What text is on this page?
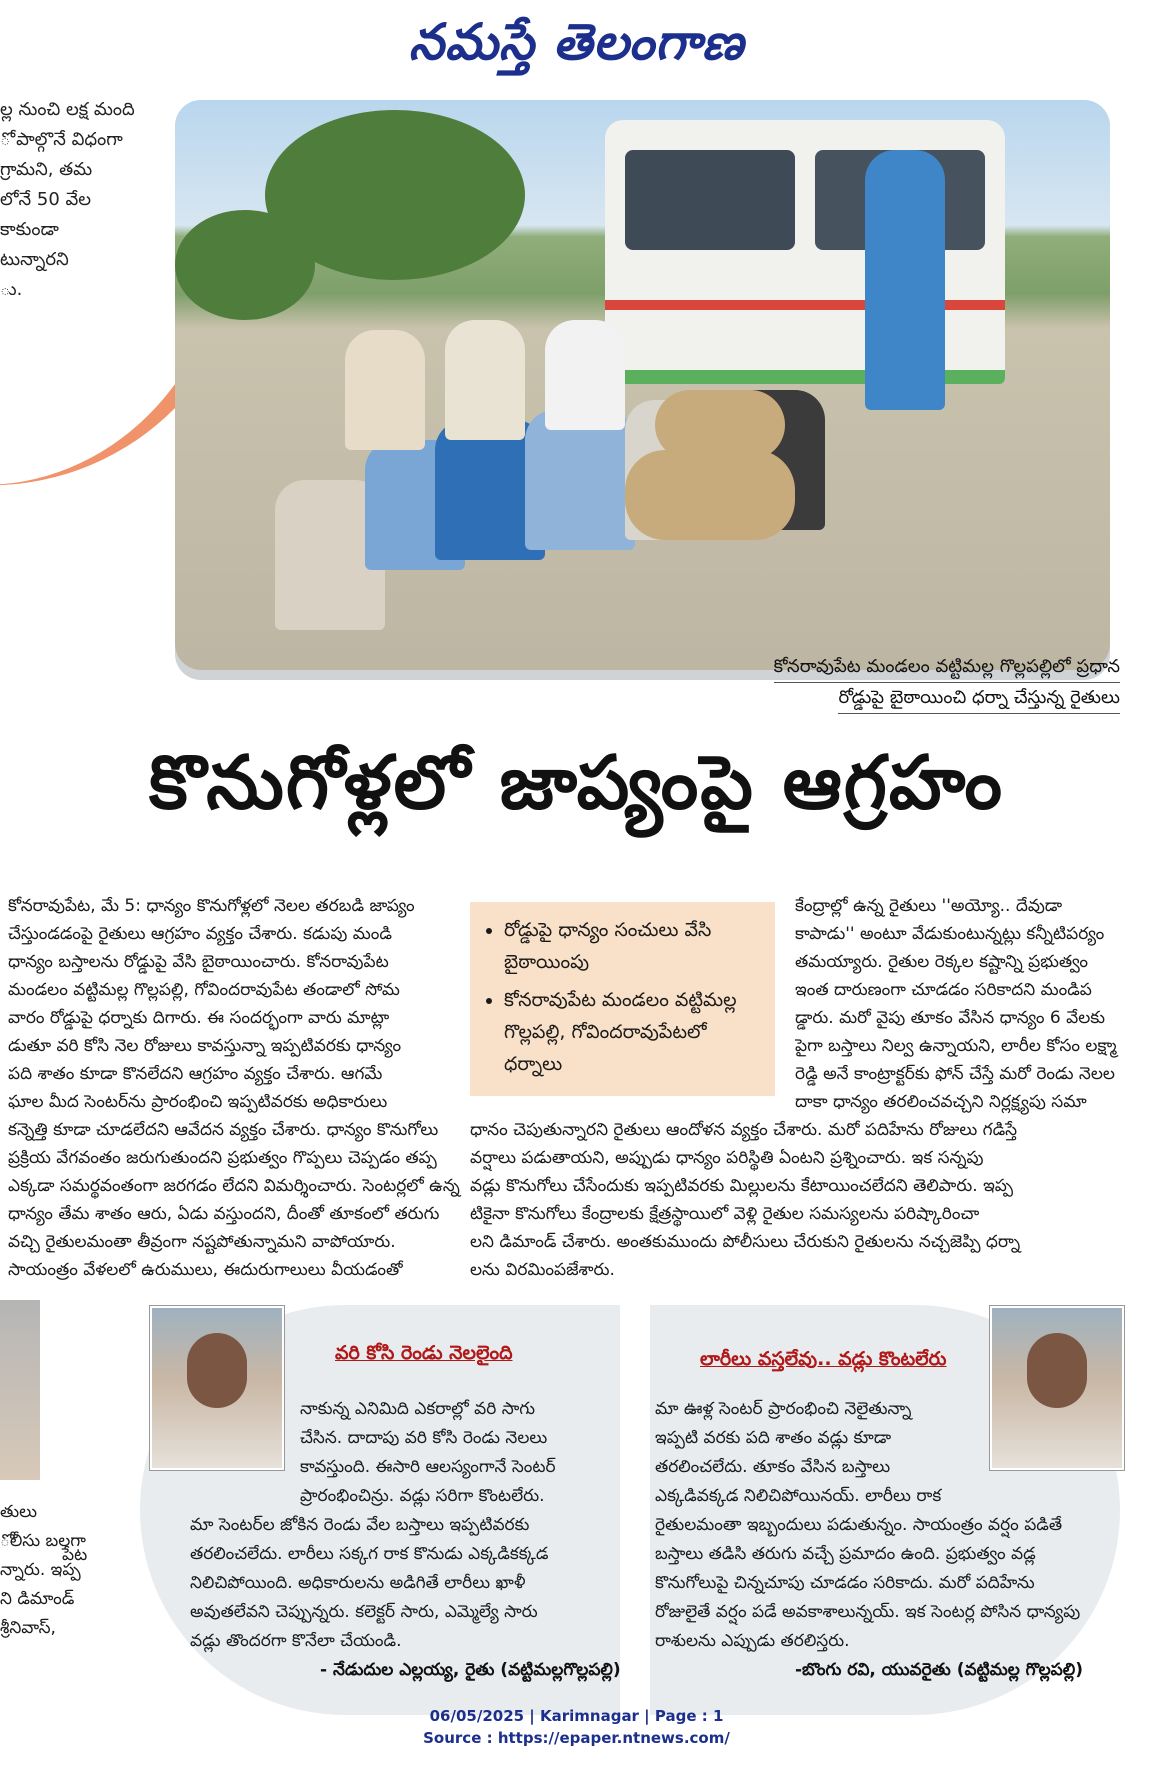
నమస్తే తెలంగాణ
ల్ల నుంచి లక్ష మంది
ో పాల్గొనే విధంగా
గ్రామని, తమ
లోనే 50 వేల
కాకుండా
టున్నారని
ు.
కోనరావుపేట మండలం వట్టిమల్ల గొల్లపల్లిలో ప్రధాన
రోడ్డుపై బైఠాయించి ధర్నా చేస్తున్న రైతులు
కొనుగోళ్లలో జాప్యంపై ఆగ్రహం
కోనరావుపేట, మే 5: ధాన్యం కొనుగోళ్లలో నెలల తరబడి జాప్యం
చేస్తుండడంపై రైతులు ఆగ్రహం వ్యక్తం చేశారు. కడుపు మండి
ధాన్యం బస్తాలను రోడ్డుపై వేసి బైఠాయించారు. కోనరావుపేట
మండలం వట్టిమల్ల గొల్లపల్లి, గోవిందరావుపేట తండాలో సోమ
వారం రోడ్డుపై ధర్నాకు దిగారు. ఈ సందర్భంగా వారు మాట్లా
డుతూ వరి కోసి నెల రోజులు కావస్తున్నా ఇప్పటివరకు ధాన్యం
పది శాతం కూడా కొనలేదని ఆగ్రహం వ్యక్తం చేశారు. ఆగమే
ఘాల మీద సెంటర్‌ను ప్రారంభించి ఇప్పటివరకు అధికారులు
కన్నెత్తి కూడా చూడలేదని ఆవేదన వ్యక్తం చేశారు. ధాన్యం కొనుగోలు
ప్రక్రియ వేగవంతం జరుగుతుందని ప్రభుత్వం గొప్పలు చెప్పడం తప్ప
ఎక్కడా సమర్థవంతంగా జరగడం లేదని విమర్శించారు. సెంటర్లలో ఉన్న
ధాన్యం తేమ శాతం ఆరు, ఏడు వస్తుందని, దీంతో తూకంలో తరుగు
వచ్చి రైతులమంతా తీవ్రంగా నష్టపోతున్నామని వాపోయారు.
సాయంత్రం వేళలలో ఉరుములు, ఈదురుగాలులు వీయడంతో
• రోడ్డుపై ధాన్యం సంచులు వేసి బైఠాయింపు
• కోనరావుపేట మండలం వట్టిమల్ల గొల్లపల్లి, గోవిందరావుపేటలో ధర్నాలు
కేంద్రాల్లో ఉన్న రైతులు ''అయ్యో.. దేవుడా
కాపాడు'' అంటూ వేడుకుంటున్నట్లు కన్నీటిపర్యం
తమయ్యారు. రైతుల రెక్కల కష్టాన్ని ప్రభుత్వం
ఇంత దారుణంగా చూడడం సరికాదని మండిప
డ్డారు. మరో వైపు తూకం వేసిన ధాన్యం 6 వేలకు
పైగా బస్తాలు నిల్వ ఉన్నాయని, లారీల కోసం లక్ష్మా
రెడ్డి అనే కాంట్రాక్టర్‌కు ఫోన్ చేస్తే మరో రెండు నెలల
దాకా ధాన్యం తరలించవచ్చని నిర్లక్ష్యపు సమా
ధానం చెపుతున్నారని రైతులు ఆందోళన వ్యక్తం చేశారు. మరో పదిహేను రోజులు గడిస్తే
వర్షాలు పడుతాయని, అప్పుడు ధాన్యం పరిస్థితి ఏంటని ప్రశ్నించారు. ఇక సన్నపు
వడ్లు కొనుగోలు చేసేందుకు ఇప్పటివరకు మిల్లులను కేటాయించలేదని తెలిపారు. ఇప్ప
టికైనా కొనుగోలు కేంద్రాలకు క్షేత్రస్థాయిలో వెళ్లి రైతుల సమస్యలను పరిష్కారించా
లని డిమాండ్ చేశారు. అంతకుముందు పోలీసులు చేరుకుని రైతులను నచ్చజెప్పి ధర్నా
లను విరమింపజేశారు.
వరి కోసి రెండు నెలలైంది	లారీలు వస్తలేవు.. వడ్లు కొంటలేరు
నాకున్న ఎనిమిది ఎకరాల్లో వరి సాగు
చేసిన. దాదాపు వరి కోసి రెండు నెలలు
కావస్తుంది. ఈసారి ఆలస్యంగానే సెంటర్
ప్రారంభించిన్రు. వడ్లు సరిగా కొంటలేరు.
మా సెంటర్‌ల జోకిన రెండు వేల బస్తాలు ఇప్పటివరకు
తరలించలేదు. లారీలు సక్కగ రాక కొనుడు ఎక్కడికక్కడ
నిలిచిపోయింది. అధికారులను అడిగితే లారీలు ఖాళీ
అవుతలేవని చెప్పున్నరు. కలెక్టర్ సారు, ఎమ్మెల్యే సారు
వడ్లు తొందరగా కొనేలా చేయండి.
మా ఊళ్ల సెంటర్ ప్రారంభించి నెలైతున్నా
ఇప్పటి వరకు పది శాతం వడ్లు కూడా
తరలించలేదు. తూకం వేసిన బస్తాలు
ఎక్కడివక్కడ నిలిచిపోయినయ్. లారీలు రాక
రైతులమంతా ఇబ్బందులు పడుతున్నం. సాయంత్రం వర్షం పడితే
బస్తాలు తడిసి తరుగు వచ్చే ప్రమాదం ఉంది. ప్రభుత్వం వడ్ల
కొనుగోలుపై చిన్నచూపు చూడడం సరికాదు. మరో పదిహేను
రోజులైతే వర్షం పడే అవకాశాలున్నయ్. ఇక సెంటర్ల పోసిన ధాన్యపు
రాశులను ఎప్పుడు తరలిస్తరు.
- నేడుదుల ఎల్లయ్య, రైతు (వట్టిమల్లగొల్లపల్లి)	-బొంగు రవి, యువరైతు (వట్టిమల్ల గొల్లపల్లి)
తులు
ోలీసు బలగా
న్నారు. ఇప్ప
ని డిమాండ్
శ్రీనివాస్,
పేట
06/05/2025 | Karimnagar | Page : 1
Source : https://epaper.ntnews.com/
